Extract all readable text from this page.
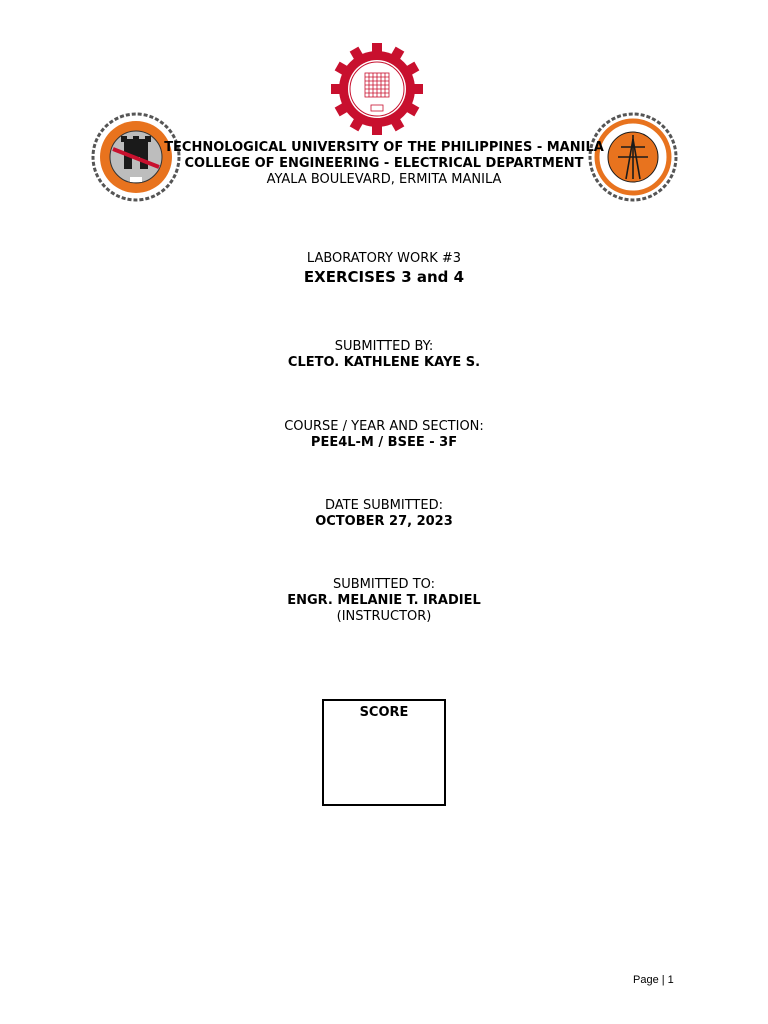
TECHNOLOGICAL UNIVERSITY OF THE PHILIPPINES - MANILA
COLLEGE OF ENGINEERING - ELECTRICAL DEPARTMENT
AYALA BOULEVARD, ERMITA MANILA
LABORATORY WORK #3
EXERCISES 3 and 4
SUBMITTED BY:
CLETO. KATHLENE KAYE S.
COURSE / YEAR AND SECTION:
PEE4L-M / BSEE - 3F
DATE SUBMITTED:
OCTOBER 27, 2023
SUBMITTED TO:
ENGR. MELANIE T. IRADIEL
(INSTRUCTOR)
SCORE
Page | 1
